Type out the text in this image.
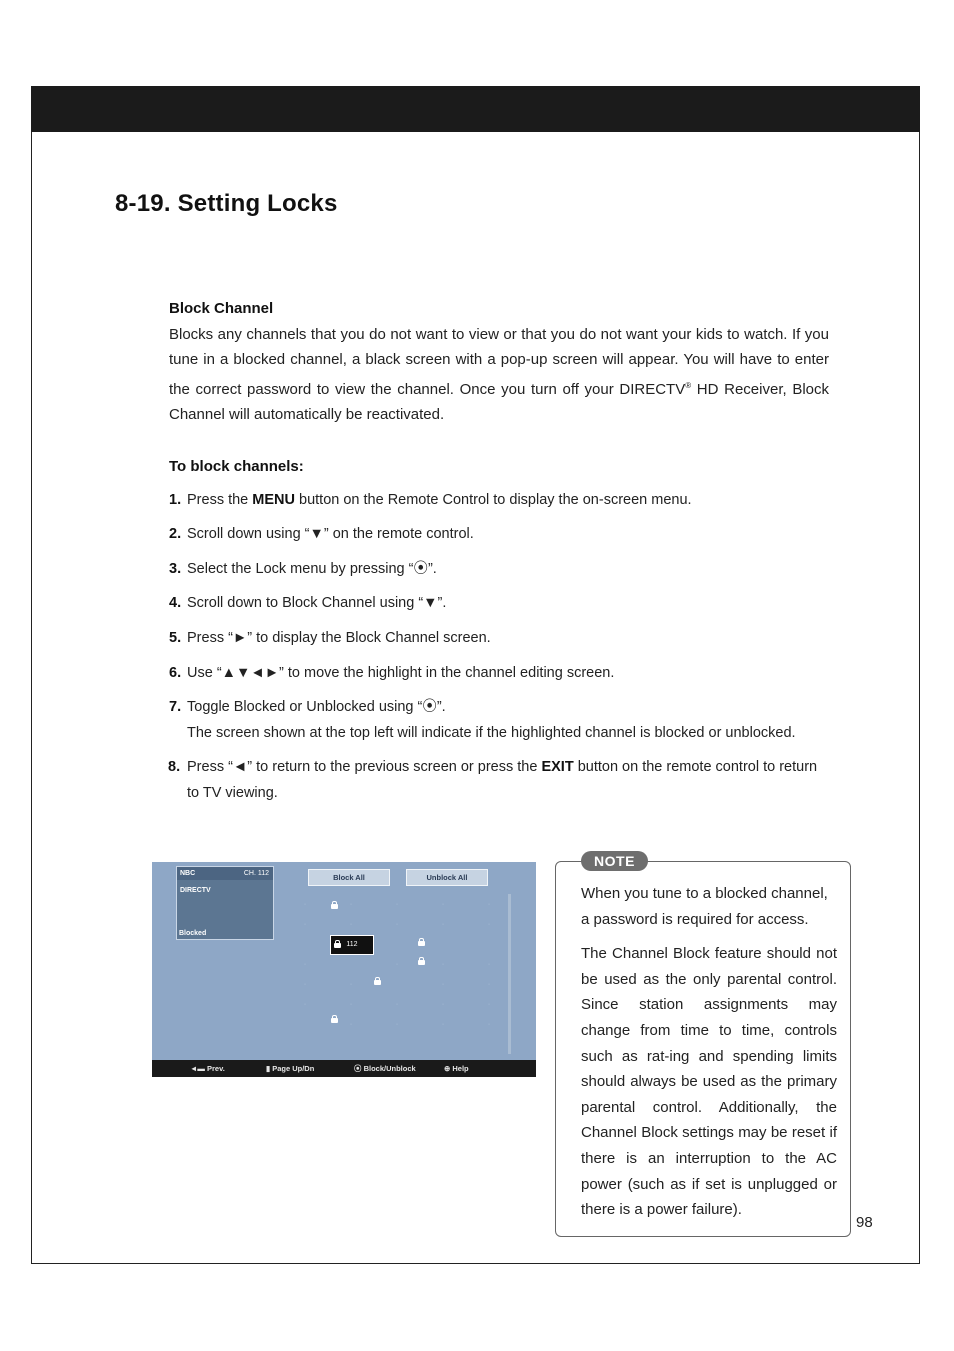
8-19. Setting Locks
Block Channel

Blocks any channels that you do not want to view or that you do not want your kids to watch. If you tune in a blocked channel, a black screen with a pop-up screen will appear. You will have to enter the correct password to view the channel. Once you turn off your DIRECTV® HD Receiver, Block Channel will automatically be reactivated.

To block channels:
1. Press the MENU button on the Remote Control to display the on-screen menu.
2. Scroll down using “▼” on the remote control.
3. Select the Lock menu by pressing “⦿”.
4. Scroll down to Block Channel using “▼”.
5. Press “►” to display the Block Channel screen.
6. Use “▲▼◄►” to move the highlight in the channel editing screen.
7. Toggle Blocked or Unblocked using “⦿”.
The screen shown at the top left will indicate if the highlighted channel is blocked or unblocked.
8. Press “◄” to return to the previous screen or press the EXIT button on the remote control to return to TV viewing.
NBC	CH. 112
DIRECTV
Blocked
Block All	Unblock All
·	·	·	·	·
·	·	·	·	·
112
·	·	·	·
·	·	·	·
·	·	·	·	·
·	·	·	·
◄▬ Prev.	▮ Page Up/Dn	⦿ Block/Unblock	⊕ Help
NOTE

When you tune to a blocked channel, a password is required for access.

The Channel Block feature should not be used as the only parental control. Since station assignments may change from time to time, controls such as rat-ing and spending limits should always be used as the primary parental control. Additionally, the Channel Block settings may be reset if there is an interruption to the AC power (such as if set is unplugged or there is a power failure).

98
